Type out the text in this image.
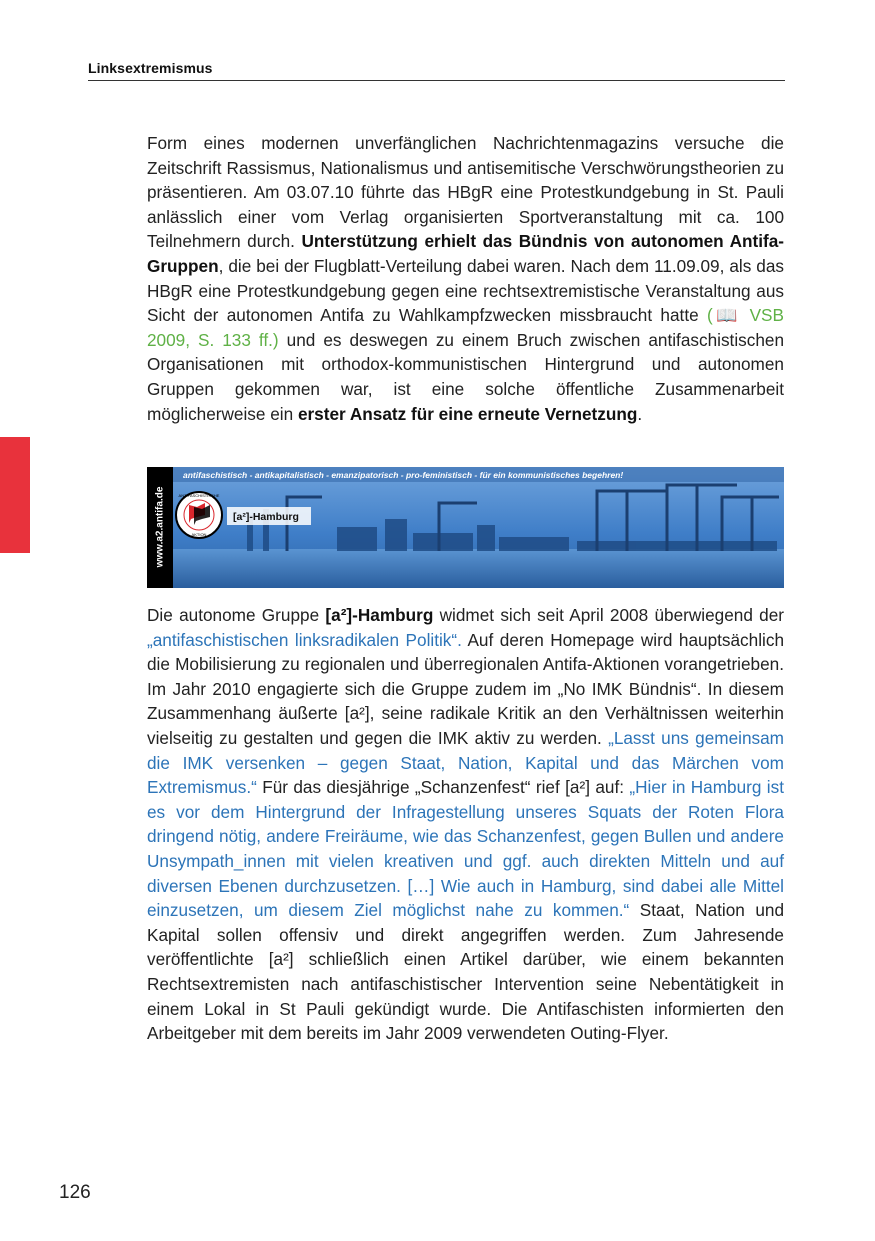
Linksextremismus

Form eines modernen unverfänglichen Nachrichtenmagazins versuche die Zeitschrift Rassismus, Nationalismus und antisemitische Verschwörungstheorien zu präsentieren. Am 03.07.10 führte das HBgR eine Protestkundgebung in St. Pauli anlässlich einer vom Verlag organisierten Sportveranstaltung mit ca. 100 Teilnehmern durch. Unterstützung erhielt das Bündnis von autonomen Antifa-Gruppen, die bei der Flugblatt-Verteilung dabei waren. Nach dem 11.09.09, als das HBgR eine Protestkundgebung gegen eine rechtsextremistische Veranstaltung aus Sicht der autonomen Antifa zu Wahlkampfzwecken missbraucht hatte (📖 VSB 2009, S. 133 ff.) und es deswegen zu einem Bruch zwischen antifaschistischen Organisationen mit orthodox-kommunistischen Hintergrund und autonomen Gruppen gekommen war, ist eine solche öffentliche Zusammenarbeit möglicherweise ein erster Ansatz für eine erneute Vernetzung.

www.a2.antifa.de
antifaschistisch - antikapitalistisch - emanzipatorisch - pro-feministisch - für ein kommunistisches begehren!
ANTIFASCHISTISCHE
AKTION
[a²]-Hamburg

Die autonome Gruppe [a²]-Hamburg widmet sich seit April 2008 überwiegend der „antifaschistischen linksradikalen Politik“. Auf deren Homepage wird hauptsächlich die Mobilisierung zu regionalen und überregionalen Antifa-Aktionen vorangetrieben. Im Jahr 2010 engagierte sich die Gruppe zudem im „No IMK Bündnis“. In diesem Zusammenhang äußerte [a²], seine radikale Kritik an den Verhältnissen weiterhin vielseitig zu gestalten und gegen die IMK aktiv zu werden. „Lasst uns gemeinsam die IMK versenken – gegen Staat, Nation, Kapital und das Märchen vom Extremismus.“ Für das diesjährige „Schanzenfest“ rief [a²] auf: „Hier in Hamburg ist es vor dem Hintergrund der Infragestellung unseres Squats der Roten Flora dringend nötig, andere Freiräume, wie das Schanzenfest, gegen Bullen und andere Unsympath_innen mit vielen kreativen und ggf. auch direkten Mitteln und auf diversen Ebenen durchzusetzen. […] Wie auch in Hamburg, sind dabei alle Mittel einzusetzen, um diesem Ziel möglichst nahe zu kommen.“ Staat, Nation und Kapital sollen offensiv und direkt angegriffen werden. Zum Jahresende veröffentlichte [a²] schließlich einen Artikel darüber, wie einem bekannten Rechtsextremisten nach antifaschistischer Intervention seine Nebentätigkeit in einem Lokal in St Pauli gekündigt wurde. Die Antifaschisten informierten den Arbeitgeber mit dem bereits im Jahr 2009 verwendeten Outing-Flyer.

126
